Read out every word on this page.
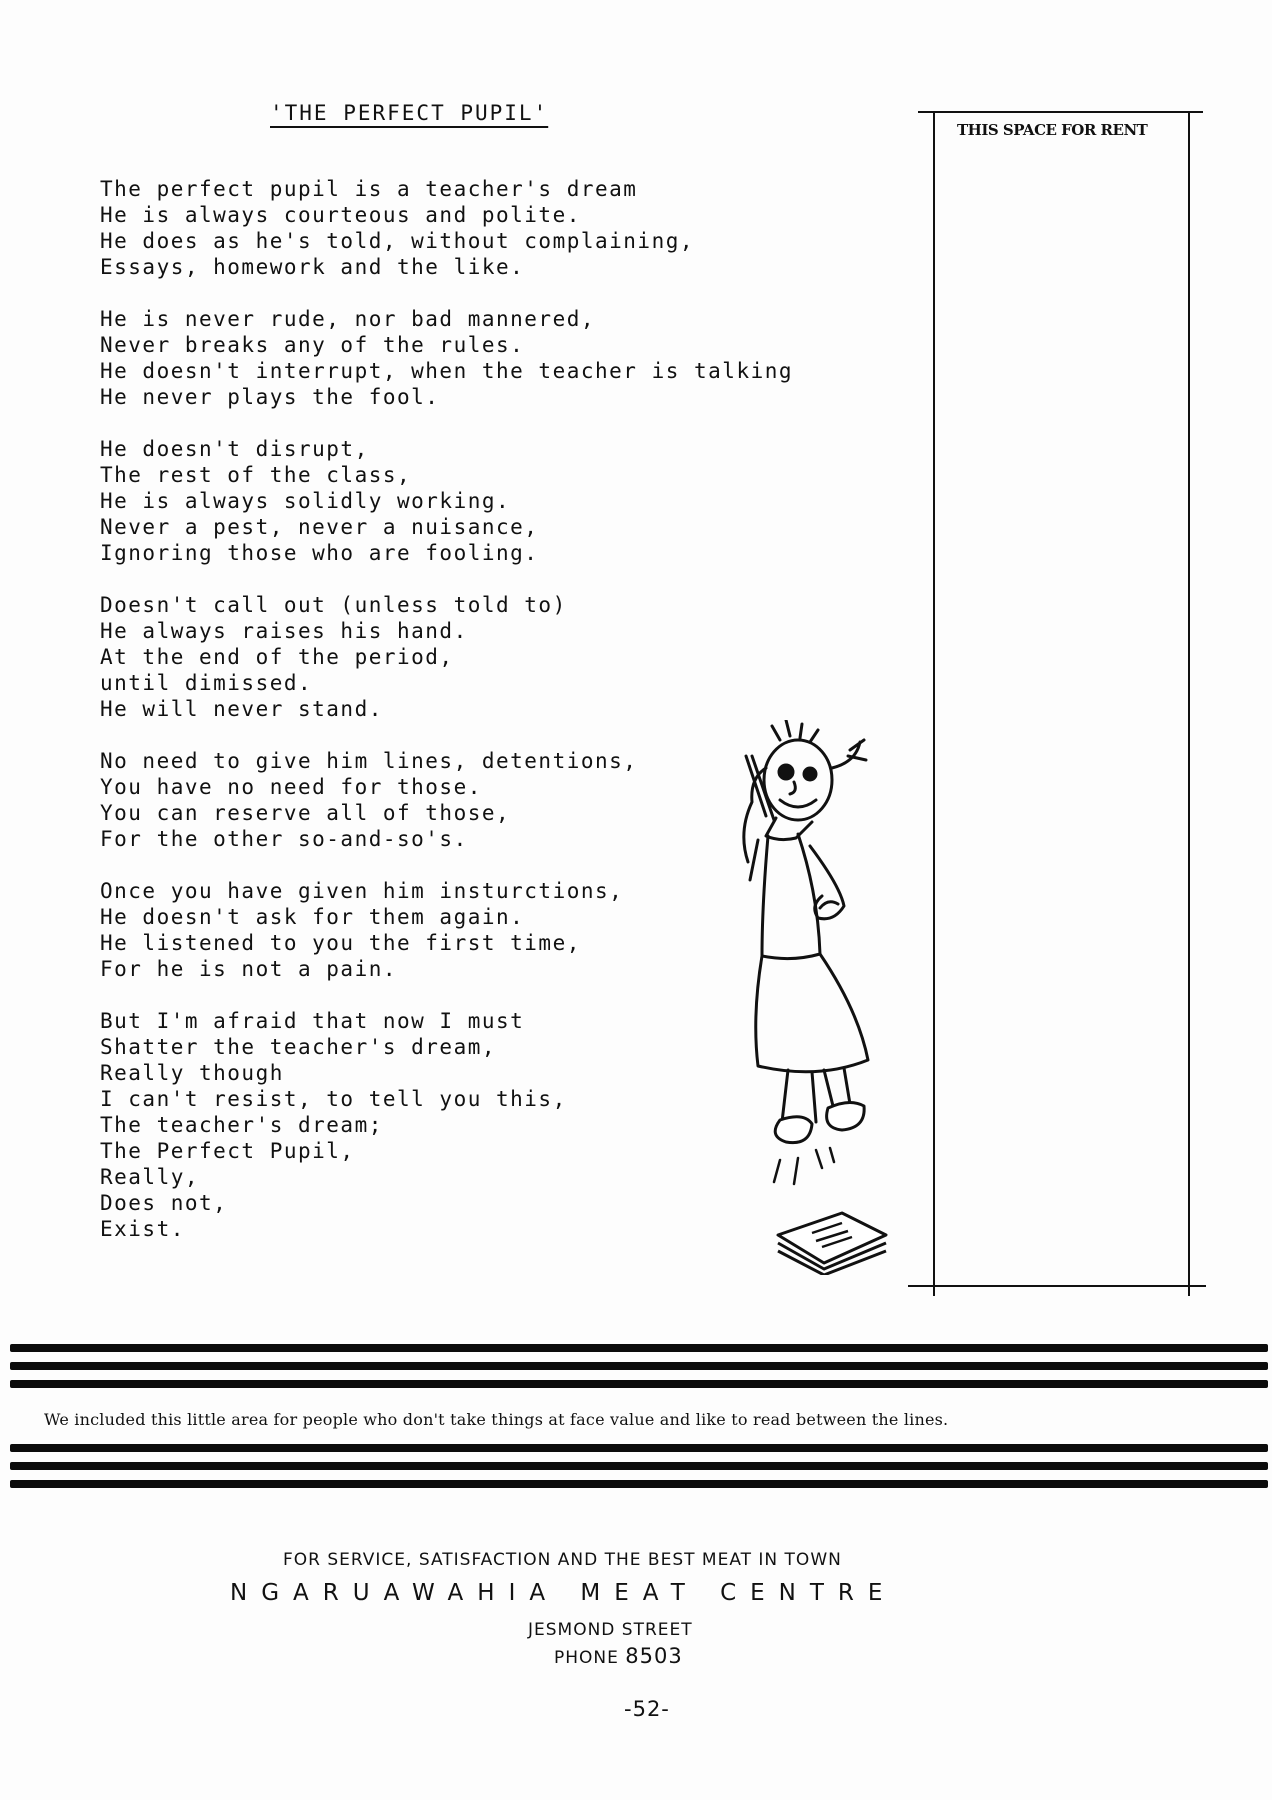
'THE PERFECT PUPIL'
The perfect pupil is a teacher's dream
He is always courteous and polite.
He does as he's told, without complaining,
Essays, homework and the like.
He is never rude, nor bad mannered,
Never breaks any of the rules.
He doesn't interrupt, when the teacher is talking
He never plays the fool.
He doesn't disrupt,
The rest of the class,
He is always solidly working.
Never a pest, never a nuisance,
Ignoring those who are fooling.
Doesn't call out (unless told to)
He always raises his hand.
At the end of the period,
until dimissed.
He will never stand.
No need to give him lines, detentions,
You have no need for those.
You can reserve all of those,
For the other so-and-so's.
Once you have given him insturctions,
He doesn't ask for them again.
He listened to you the first time,
For he is not a pain.
But I'm afraid that now I must
Shatter the teacher's dream,
Really though
I can't resist, to tell you this,
The teacher's dream;
The Perfect Pupil,
Really,
Does not,
Exist.
THIS SPACE FOR RENT
We included this little area for people who don't take things at face value and like to read between the lines.
FOR SERVICE, SATISFACTION AND THE BEST MEAT IN TOWN
NGARUAWAHIA MEAT CENTRE
JESMOND STREET
PHONE 8503
-52-
